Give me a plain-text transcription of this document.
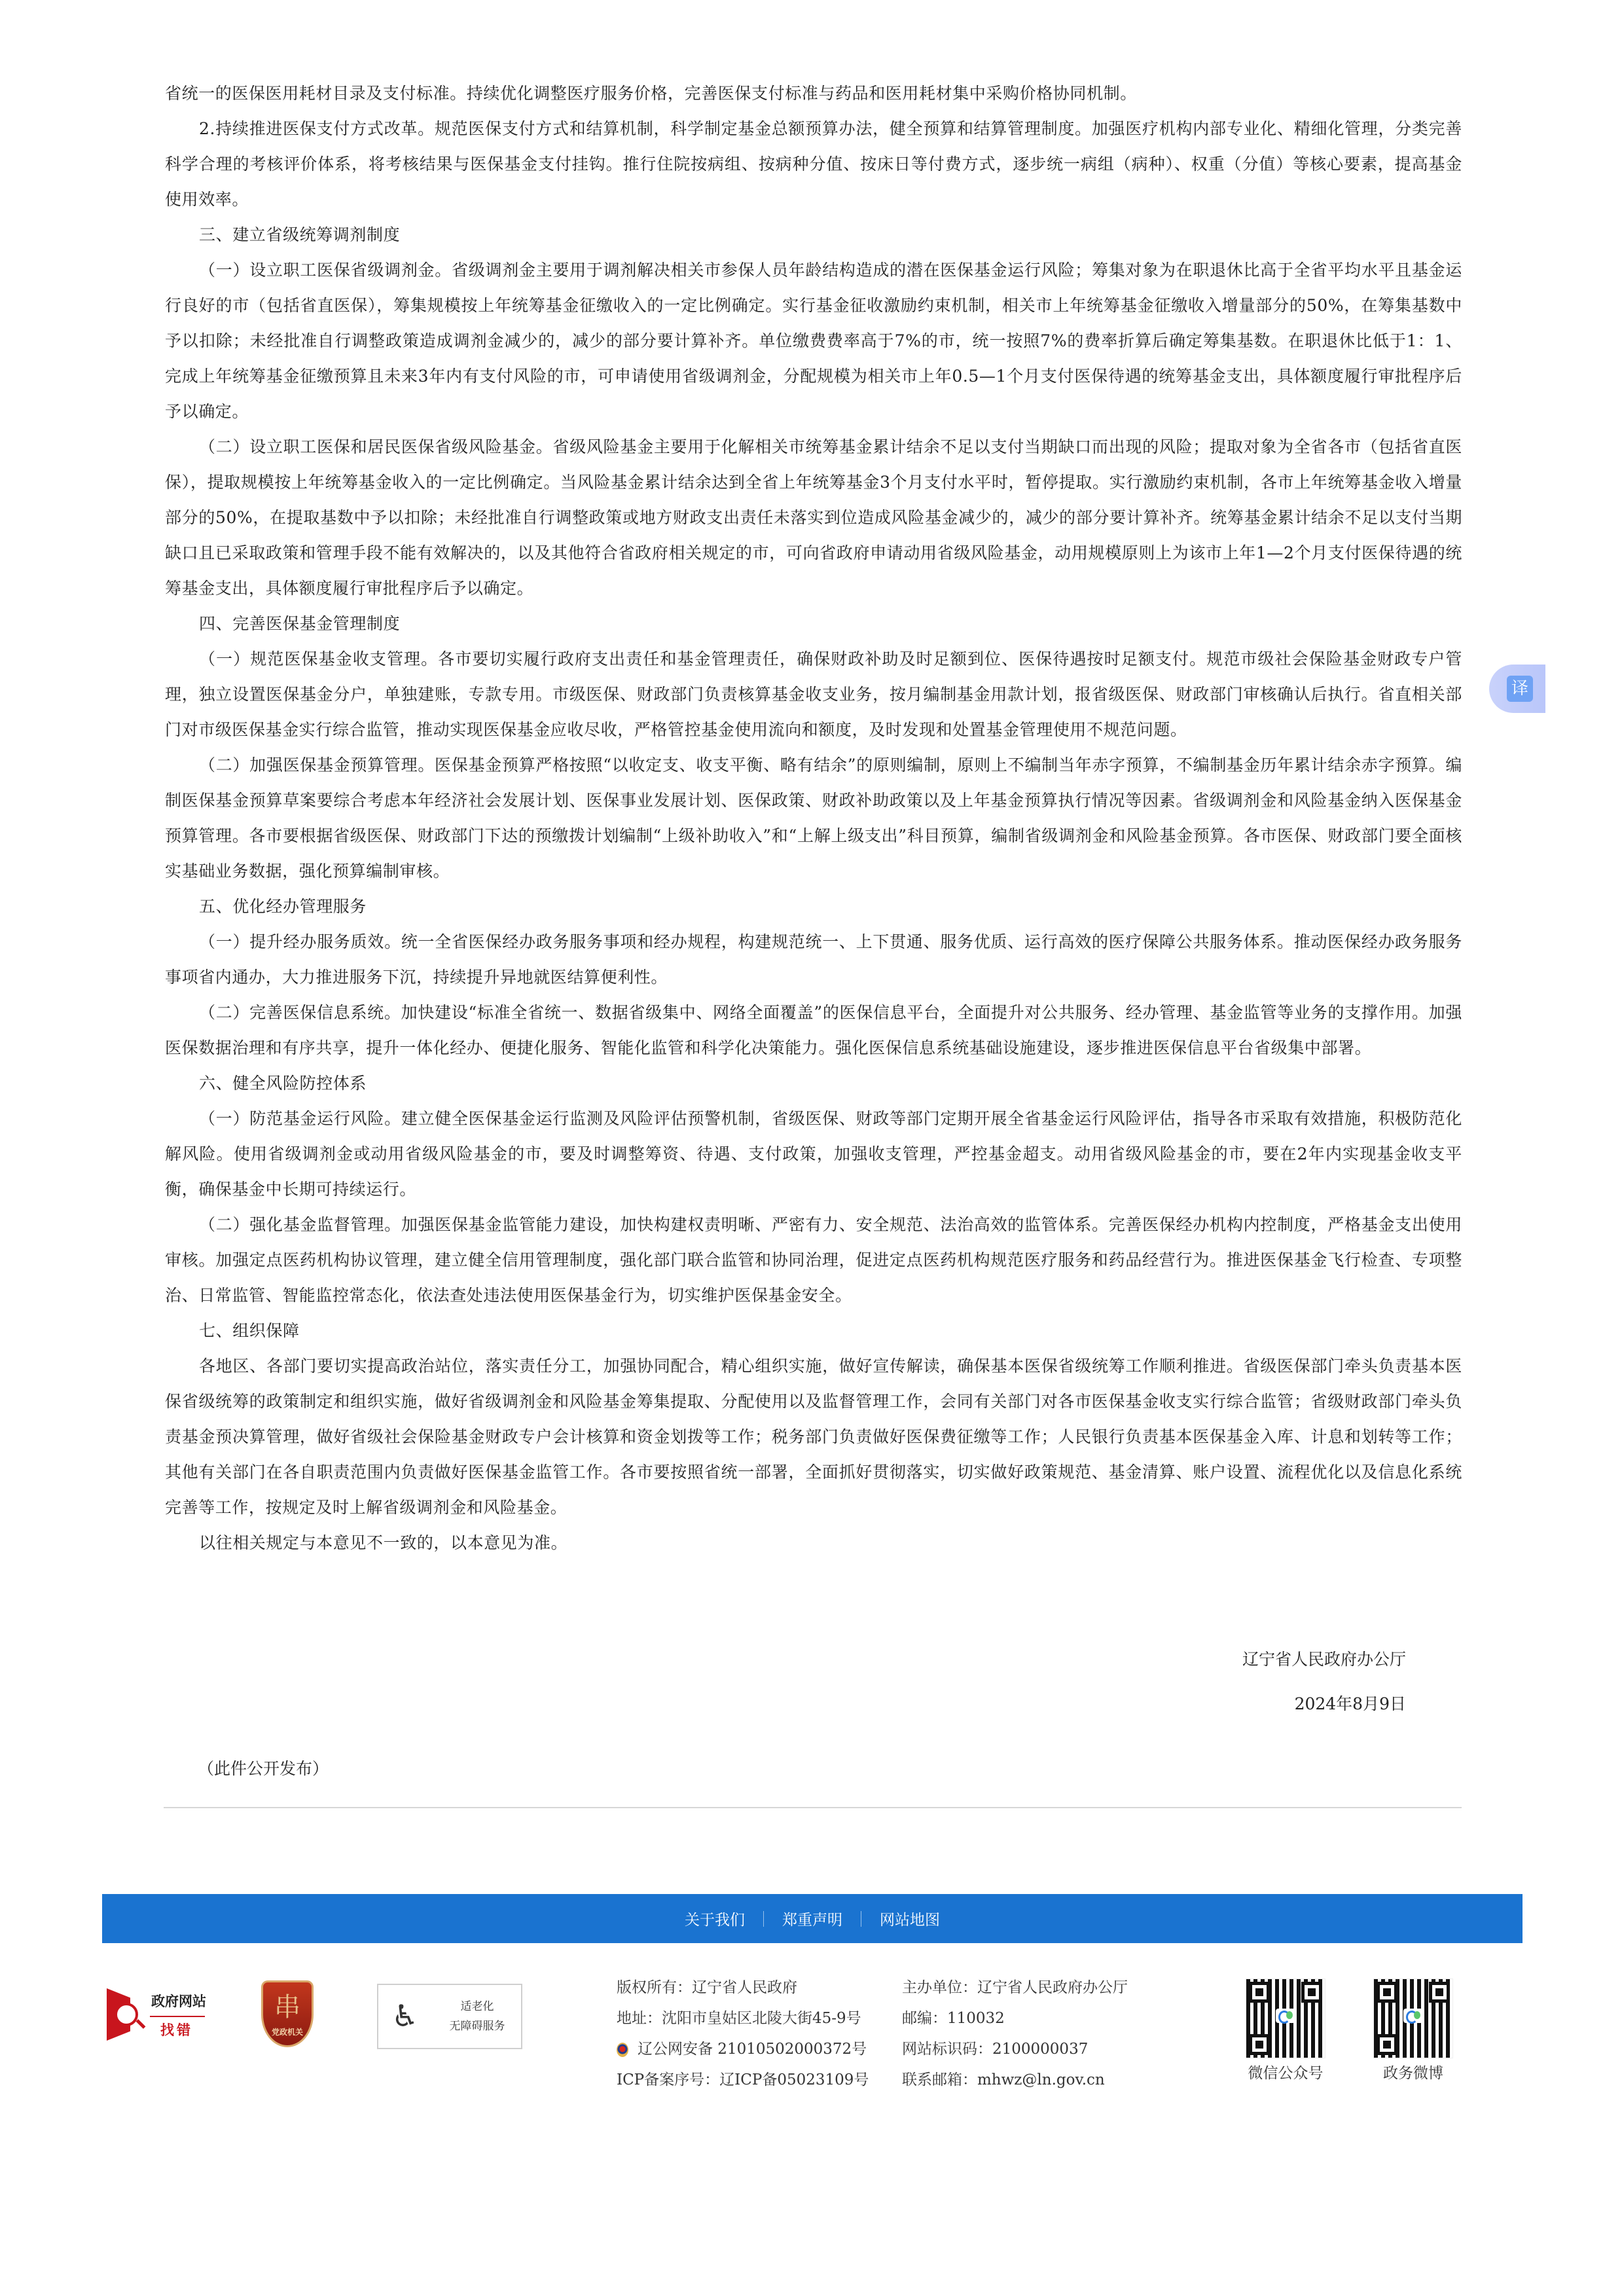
译

省统一的医保医用耗材目录及支付标准。持续优化调整医疗服务价格，完善医保支付标准与药品和医用耗材集中采购价格协同机制。

2.持续推进医保支付方式改革。规范医保支付方式和结算机制，科学制定基金总额预算办法，健全预算和结算管理制度。加强医疗机构内部专业化、精细化管理，分类完善科学合理的考核评价体系，将考核结果与医保基金支付挂钩。推行住院按病组、按病种分值、按床日等付费方式，逐步统一病组（病种）、权重（分值）等核心要素，提高基金使用效率。

三、建立省级统筹调剂制度

（一）设立职工医保省级调剂金。省级调剂金主要用于调剂解决相关市参保人员年龄结构造成的潜在医保基金运行风险；筹集对象为在职退休比高于全省平均水平且基金运行良好的市（包括省直医保），筹集规模按上年统筹基金征缴收入的一定比例确定。实行基金征收激励约束机制，相关市上年统筹基金征缴收入增量部分的50%，在筹集基数中予以扣除；未经批准自行调整政策造成调剂金减少的，减少的部分要计算补齐。单位缴费费率高于7%的市，统一按照7%的费率折算后确定筹集基数。在职退休比低于1：1、完成上年统筹基金征缴预算且未来3年内有支付风险的市，可申请使用省级调剂金，分配规模为相关市上年0.5—1个月支付医保待遇的统筹基金支出，具体额度履行审批程序后予以确定。

（二）设立职工医保和居民医保省级风险基金。省级风险基金主要用于化解相关市统筹基金累计结余不足以支付当期缺口而出现的风险；提取对象为全省各市（包括省直医保），提取规模按上年统筹基金收入的一定比例确定。当风险基金累计结余达到全省上年统筹基金3个月支付水平时，暂停提取。实行激励约束机制，各市上年统筹基金收入增量部分的50%，在提取基数中予以扣除；未经批准自行调整政策或地方财政支出责任未落实到位造成风险基金减少的，减少的部分要计算补齐。统筹基金累计结余不足以支付当期缺口且已采取政策和管理手段不能有效解决的，以及其他符合省政府相关规定的市，可向省政府申请动用省级风险基金，动用规模原则上为该市上年1—2个月支付医保待遇的统筹基金支出，具体额度履行审批程序后予以确定。

四、完善医保基金管理制度

（一）规范医保基金收支管理。各市要切实履行政府支出责任和基金管理责任，确保财政补助及时足额到位、医保待遇按时足额支付。规范市级社会保险基金财政专户管理，独立设置医保基金分户，单独建账，专款专用。市级医保、财政部门负责核算基金收支业务，按月编制基金用款计划，报省级医保、财政部门审核确认后执行。省直相关部门对市级医保基金实行综合监管，推动实现医保基金应收尽收，严格管控基金使用流向和额度，及时发现和处置基金管理使用不规范问题。

（二）加强医保基金预算管理。医保基金预算严格按照“以收定支、收支平衡、略有结余”的原则编制，原则上不编制当年赤字预算，不编制基金历年累计结余赤字预算。编制医保基金预算草案要综合考虑本年经济社会发展计划、医保事业发展计划、医保政策、财政补助政策以及上年基金预算执行情况等因素。省级调剂金和风险基金纳入医保基金预算管理。各市要根据省级医保、财政部门下达的预缴拨计划编制“上级补助收入”和“上解上级支出”科目预算，编制省级调剂金和风险基金预算。各市医保、财政部门要全面核实基础业务数据，强化预算编制审核。

五、优化经办管理服务

（一）提升经办服务质效。统一全省医保经办政务服务事项和经办规程，构建规范统一、上下贯通、服务优质、运行高效的医疗保障公共服务体系。推动医保经办政务服务事项省内通办，大力推进服务下沉，持续提升异地就医结算便利性。

（二）完善医保信息系统。加快建设“标准全省统一、数据省级集中、网络全面覆盖”的医保信息平台，全面提升对公共服务、经办管理、基金监管等业务的支撑作用。加强医保数据治理和有序共享，提升一体化经办、便捷化服务、智能化监管和科学化决策能力。强化医保信息系统基础设施建设，逐步推进医保信息平台省级集中部署。

六、健全风险防控体系

（一）防范基金运行风险。建立健全医保基金运行监测及风险评估预警机制，省级医保、财政等部门定期开展全省基金运行风险评估，指导各市采取有效措施，积极防范化解风险。使用省级调剂金或动用省级风险基金的市，要及时调整筹资、待遇、支付政策，加强收支管理，严控基金超支。动用省级风险基金的市，要在2年内实现基金收支平衡，确保基金中长期可持续运行。

（二）强化基金监督管理。加强医保基金监管能力建设，加快构建权责明晰、严密有力、安全规范、法治高效的监管体系。完善医保经办机构内控制度，严格基金支出使用审核。加强定点医药机构协议管理，建立健全信用管理制度，强化部门联合监管和协同治理，促进定点医药机构规范医疗服务和药品经营行为。推进医保基金飞行检查、专项整治、日常监管、智能监控常态化，依法查处违法使用医保基金行为，切实维护医保基金安全。

七、组织保障

各地区、各部门要切实提高政治站位，落实责任分工，加强协同配合，精心组织实施，做好宣传解读，确保基本医保省级统筹工作顺利推进。省级医保部门牵头负责基本医保省级统筹的政策制定和组织实施，做好省级调剂金和风险基金筹集提取、分配使用以及监督管理工作，会同有关部门对各市医保基金收支实行综合监管；省级财政部门牵头负责基金预决算管理，做好省级社会保险基金财政专户会计核算和资金划拨等工作；税务部门负责做好医保费征缴等工作；人民银行负责基本医保基金入库、计息和划转等工作；其他有关部门在各自职责范围内负责做好医保基金监管工作。各市要按照省统一部署，全面抓好贯彻落实，切实做好政策规范、基金清算、账户设置、流程优化以及信息化系统完善等工作，按规定及时上解省级调剂金和风险基金。

以往相关规定与本意见不一致的，以本意见为准。

辽宁省人民政府办公厅
2024年8月9日
（此件公开发布）
关于我们	郑重声明	网站地图
政府网站
找错
串
党政机关	♿	适老化
无障碍服务
版权所有：辽宁省人民政府	主办单位：辽宁省人民政府办公厅
地址：沈阳市皇姑区北陵大街45-9号	邮编：110032
辽公网安备 21010502000372号 网站标识码：2100000037
ICP备案序号：辽ICP备05023109号	联系邮箱：mhwz@ln.gov.cn	微信公众号	政务微博
